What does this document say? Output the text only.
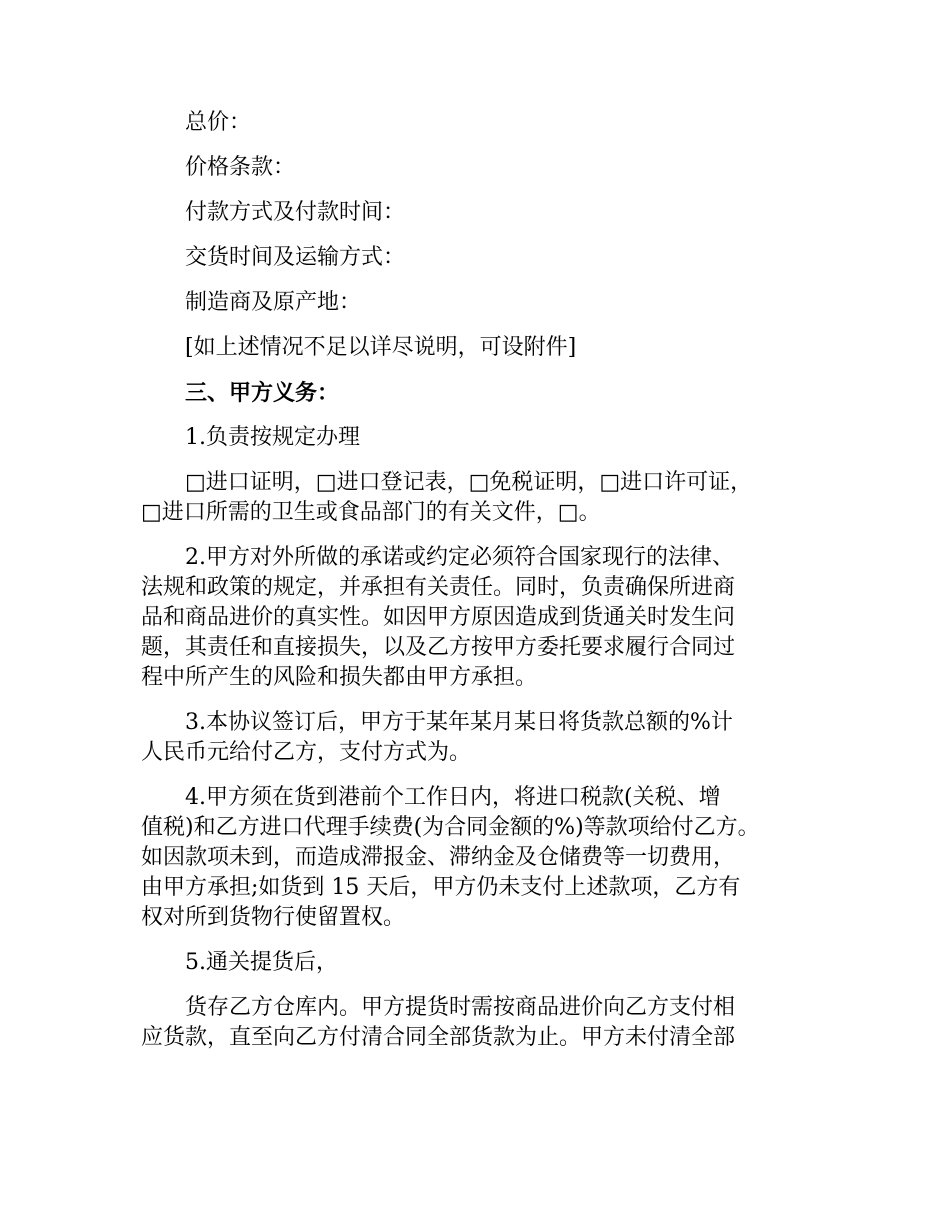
总价：
价格条款：
付款方式及付款时间：
交货时间及运输方式：
制造商及原产地：
[如上述情况不足以详尽说明，可设附件]
三、甲方义务：
1.负责按规定办理

□进口证明，□进口登记表，□免税证明，□进口许可证，
□进口所需的卫生或食品部门的有关文件，□。

2.甲方对外所做的承诺或约定必须符合国家现行的法律、
法规和政策的规定，并承担有关责任。同时，负责确保所进商
品和商品进价的真实性。如因甲方原因造成到货通关时发生问
题，其责任和直接损失，以及乙方按甲方委托要求履行合同过
程中所产生的风险和损失都由甲方承担。

3.本协议签订后，甲方于某年某月某日将货款总额的%计
人民币元给付乙方，支付方式为。

4.甲方须在货到港前个工作日内，将进口税款(关税、增
值税)和乙方进口代理手续费(为合同金额的%)等款项给付乙方。
如因款项未到，而造成滞报金、滞纳金及仓储费等一切费用，
由甲方承担;如货到 15 天后，甲方仍未支付上述款项，乙方有
权对所到货物行使留置权。

5.通关提货后，

货存乙方仓库内。甲方提货时需按商品进价向乙方支付相
应货款，直至向乙方付清合同全部货款为止。甲方未付清全部
